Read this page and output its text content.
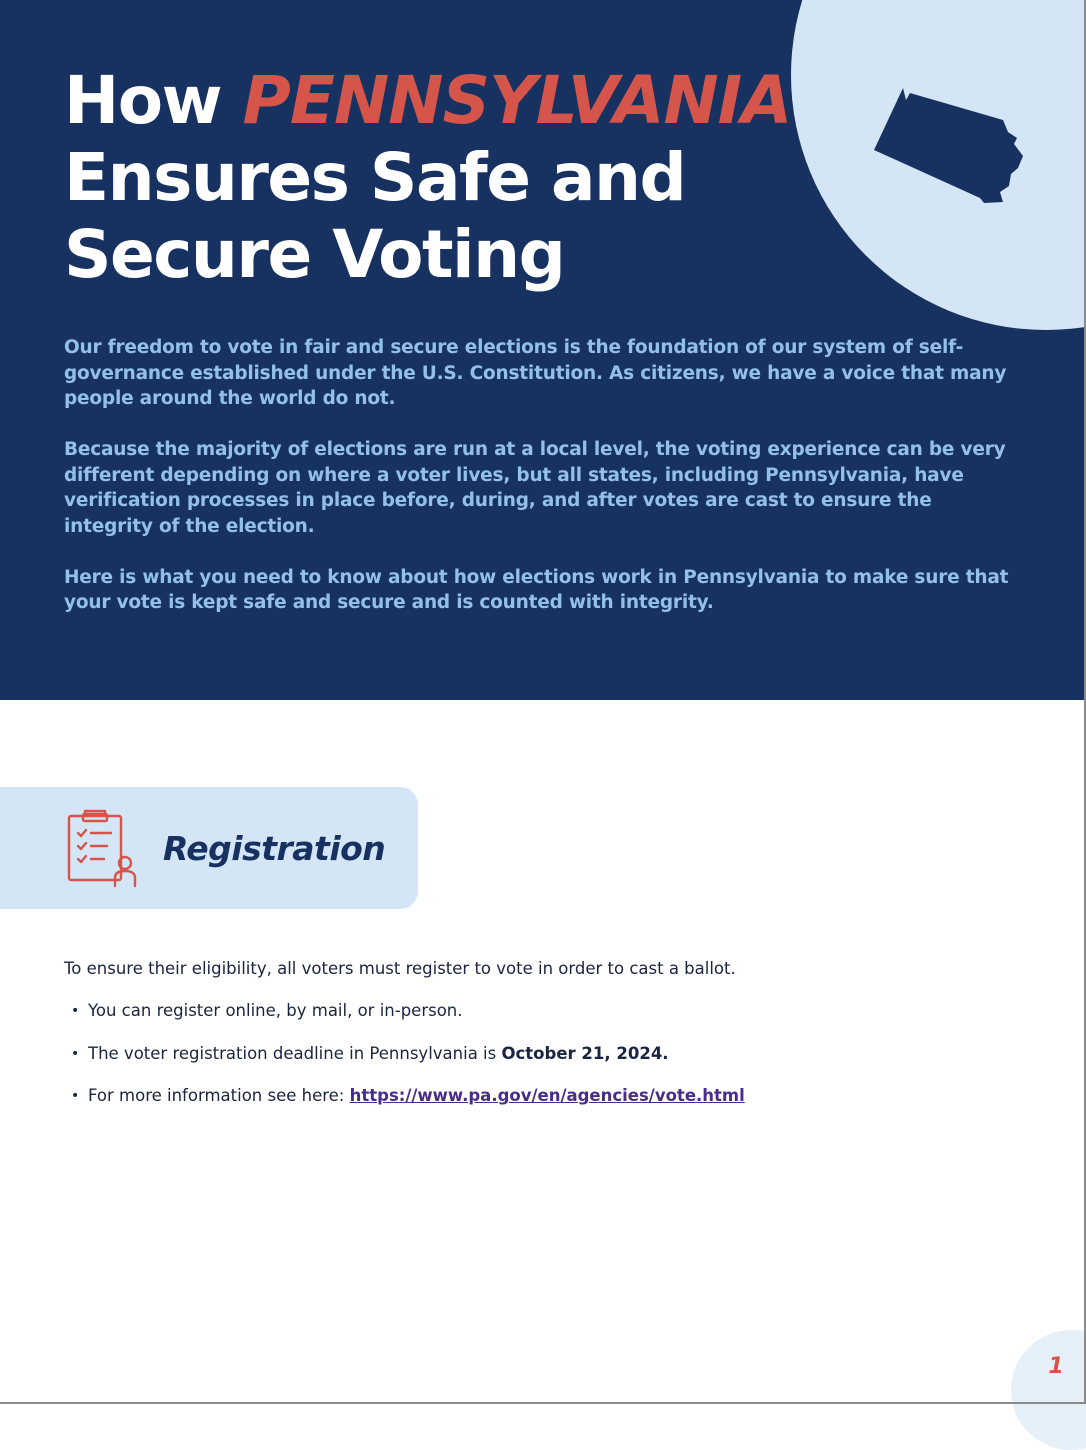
How PENNSYLVANIA
Ensures Safe and
Secure Voting

Our freedom to vote in fair and secure elections is the foundation of our system of self-governance established under the U.S. Constitution. As citizens, we have a voice that many people around the world do not.

Because the majority of elections are run at a local level, the voting experience can be very different depending on where a voter lives, but all states, including Pennsylvania, have verification processes in place before, during, and after votes are cast to ensure the integrity of the election.

Here is what you need to know about how elections work in Pennsylvania to make sure that your vote is kept safe and secure and is counted with integrity.

Registration

To ensure their eligibility, all voters must register to vote in order to cast a ballot.

• You can register online, by mail, or in-person.
• The voter registration deadline in Pennsylvania is October 21, 2024.
• For more information see here: https://www.pa.gov/en/agencies/vote.html
1
